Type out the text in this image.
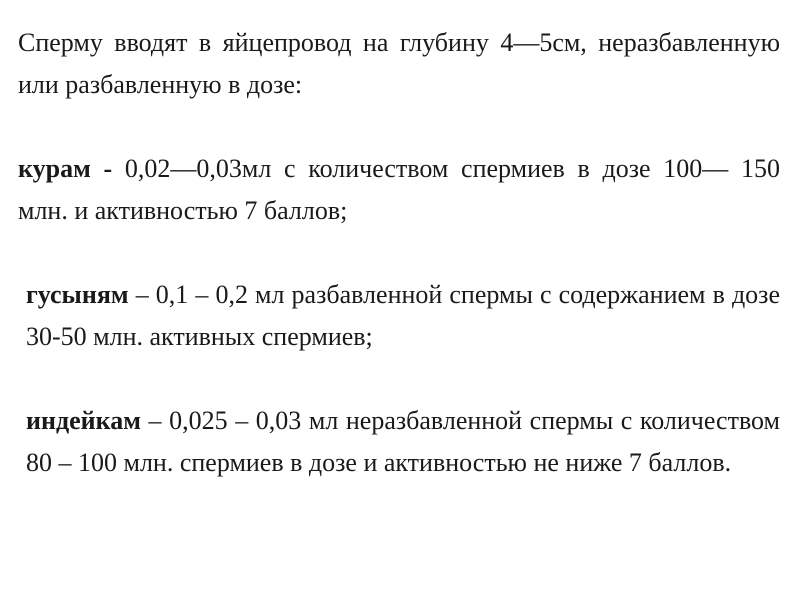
Сперму вводят в яйцепровод на глубину 4—5см, неразбавленную или разбавленную в дозе:

курам - 0,02—0,03мл с количеством спермиев в дозе 100— 150 млн. и активностью 7 баллов;

гусыням – 0,1 – 0,2 мл разбавленной спермы с содержанием в дозе 30-50 млн. активных спермиев;

индейкам – 0,025 – 0,03 мл неразбавленной спермы с количеством 80 – 100 млн. спермиев в дозе и активностью не ниже 7 баллов.
